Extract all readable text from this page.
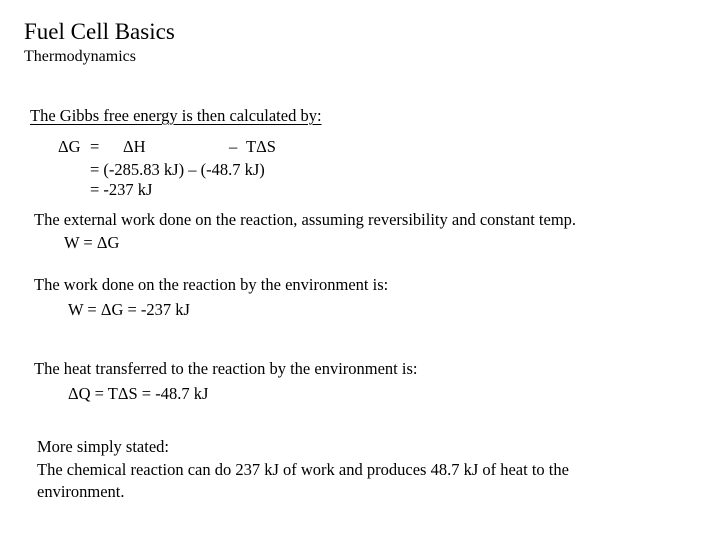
Fuel Cell Basics
Thermodynamics
The Gibbs free energy is then calculated by:
ΔG = ΔH	– TΔS
= (-285.83 kJ) – (-48.7 kJ)
= -237 kJ
The external work done on the reaction, assuming reversibility and constant temp.
W = ΔG
The work done on the reaction by the environment is:
W = ΔG = -237 kJ
The heat transferred to the reaction by the environment is:
ΔQ = TΔS = -48.7 kJ
More simply stated:
The chemical reaction can do 237 kJ of work and produces 48.7 kJ of heat to the
environment.
